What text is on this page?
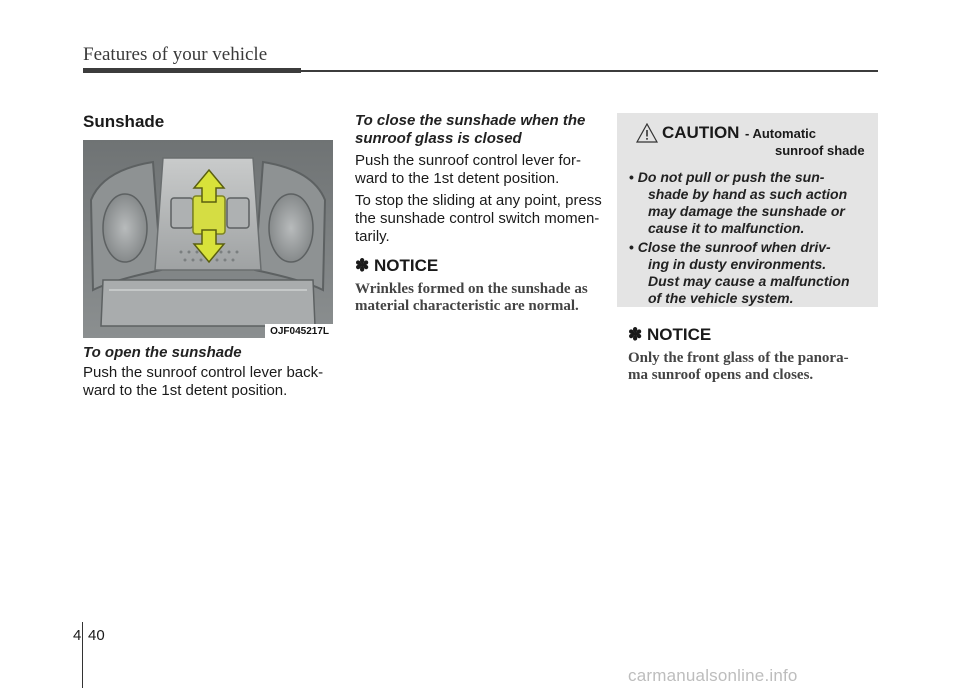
Features of your vehicle
Sunshade
OJF045217L
To open the sunshade
Push the sunroof control lever back-
ward to the 1st detent position.
To close the sunshade when the
sunroof glass is closed
Push the sunroof control lever for-
ward to the 1st detent position.
To stop the sliding at any point, press
the sunshade control switch momen-
tarily.
✽ NOTICE
Wrinkles formed on the sunshade as
material characteristic are normal.
CAUTION - Automatic
sunroof shade
• Do not pull or push the sun-
shade by hand as such action
may damage the sunshade or
cause it to malfunction.
• Close the sunroof when driv-
ing in dusty environments.
Dust may cause a malfunction
of the vehicle system.
✽ NOTICE
Only the front glass of the panora-
ma sunroof opens and closes.
4 40
carmanualsonline.info
